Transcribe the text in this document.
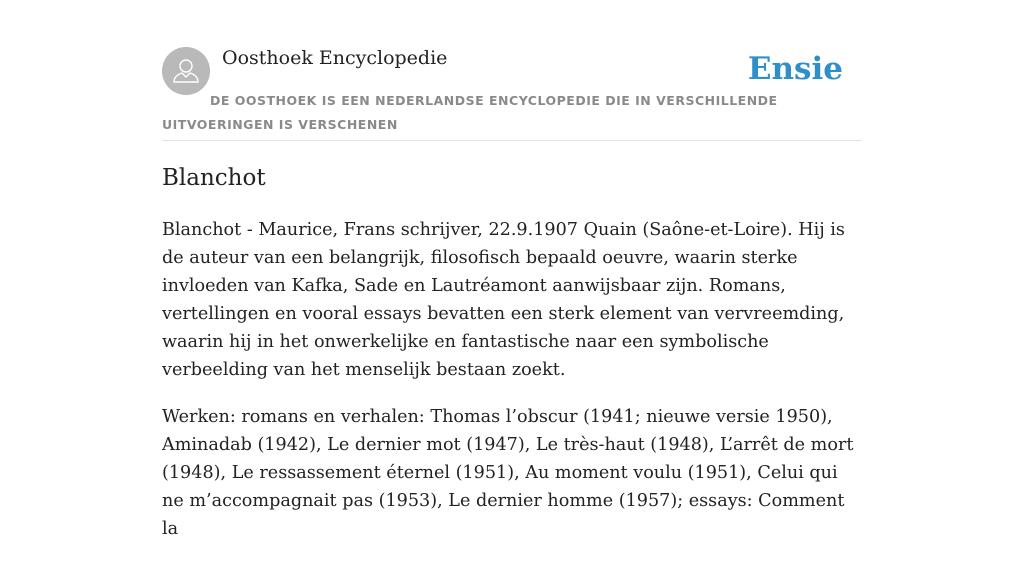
Oosthoek Encyclopedie	Ensie

DE OOSTHOEK IS EEN NEDERLANDSE ENCYCLOPEDIE DIE IN VERSCHILLENDE UITVOERINGEN IS VERSCHENEN

Blanchot

Blanchot - Maurice, Frans schrijver, 22.9.1907 Quain (Saône-et-Loire). Hij is de auteur van een belangrijk, filosofisch bepaald oeuvre, waarin sterke invloeden van Kafka, Sade en Lautréamont aanwijsbaar zijn. Romans, vertellingen en vooral essays bevatten een sterk element van vervreemding, waarin hij in het onwerkelijke en fantastische naar een symbolische verbeelding van het menselijk bestaan zoekt.

Werken: romans en verhalen: Thomas l’obscur (1941; nieuwe versie 1950), Aminadab (1942), Le dernier mot (1947), Le très-haut (1948), L’arrêt de mort (1948), Le ressassement éternel (1951), Au moment voulu (1951), Celui qui ne m’accompagnait pas (1953), Le dernier homme (1957); essays: Comment la
